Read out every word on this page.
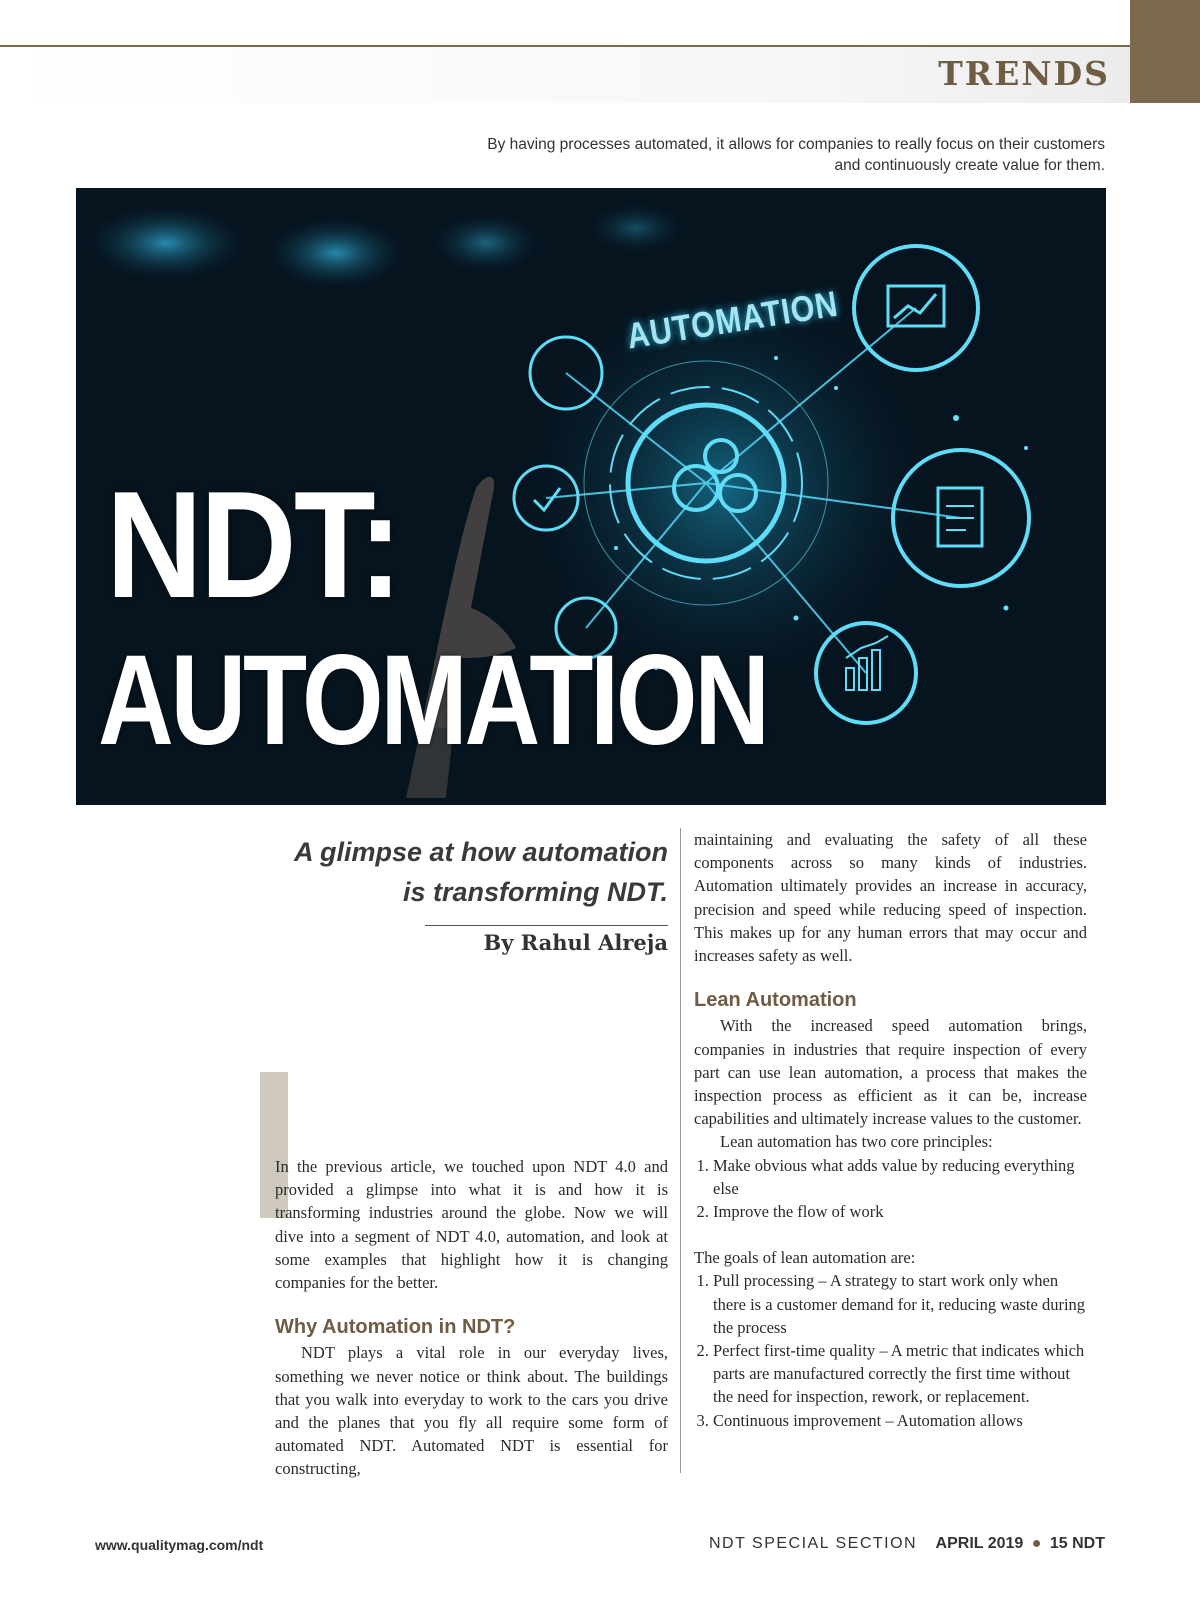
TRENDS
By having processes automated, it allows for companies to really focus on their customers and continuously create value for them.
AUTOMATION
NDT:
AUTOMATION
A glimpse at how automation
is transforming NDT.
By Rahul Alreja

In the previous article, we touched upon NDT 4.0 and provided a glimpse into what it is and how it is transforming industries around the globe. Now we will dive into a segment of NDT 4.0, automation, and look at some examples that highlight how it is changing companies for the better.

Why Automation in NDT?

NDT plays a vital role in our everyday lives, something we never notice or think about. The buildings that you walk into everyday to work to the cars you drive and the planes that you fly all require some form of automated NDT. Automated NDT is essential for constructing,

maintaining and evaluating the safety of all these components across so many kinds of industries. Automation ultimately provides an increase in accuracy, precision and speed while reducing speed of inspection. This makes up for any human errors that may occur and increases safety as well.

Lean Automation

With the increased speed automation brings, companies in industries that require inspection of every part can use lean automation, a process that makes the inspection process as efficient as it can be, increase capabilities and ultimately increase values to the customer.

Lean automation has two core principles:

1. Make obvious what adds value by reducing everything else
2. Improve the flow of work

The goals of lean automation are:

1. Pull processing – A strategy to start work only when there is a customer demand for it, reducing waste during the process
2. Perfect first-time quality – A metric that indicates which parts are manufactured correctly the first time without the need for inspection, rework, or replacement.
3. Continuous improvement – Automation allows
www.qualitymag.com/ndt	NDT SPECIAL SECTION APRIL 2019 ● 15 NDT
